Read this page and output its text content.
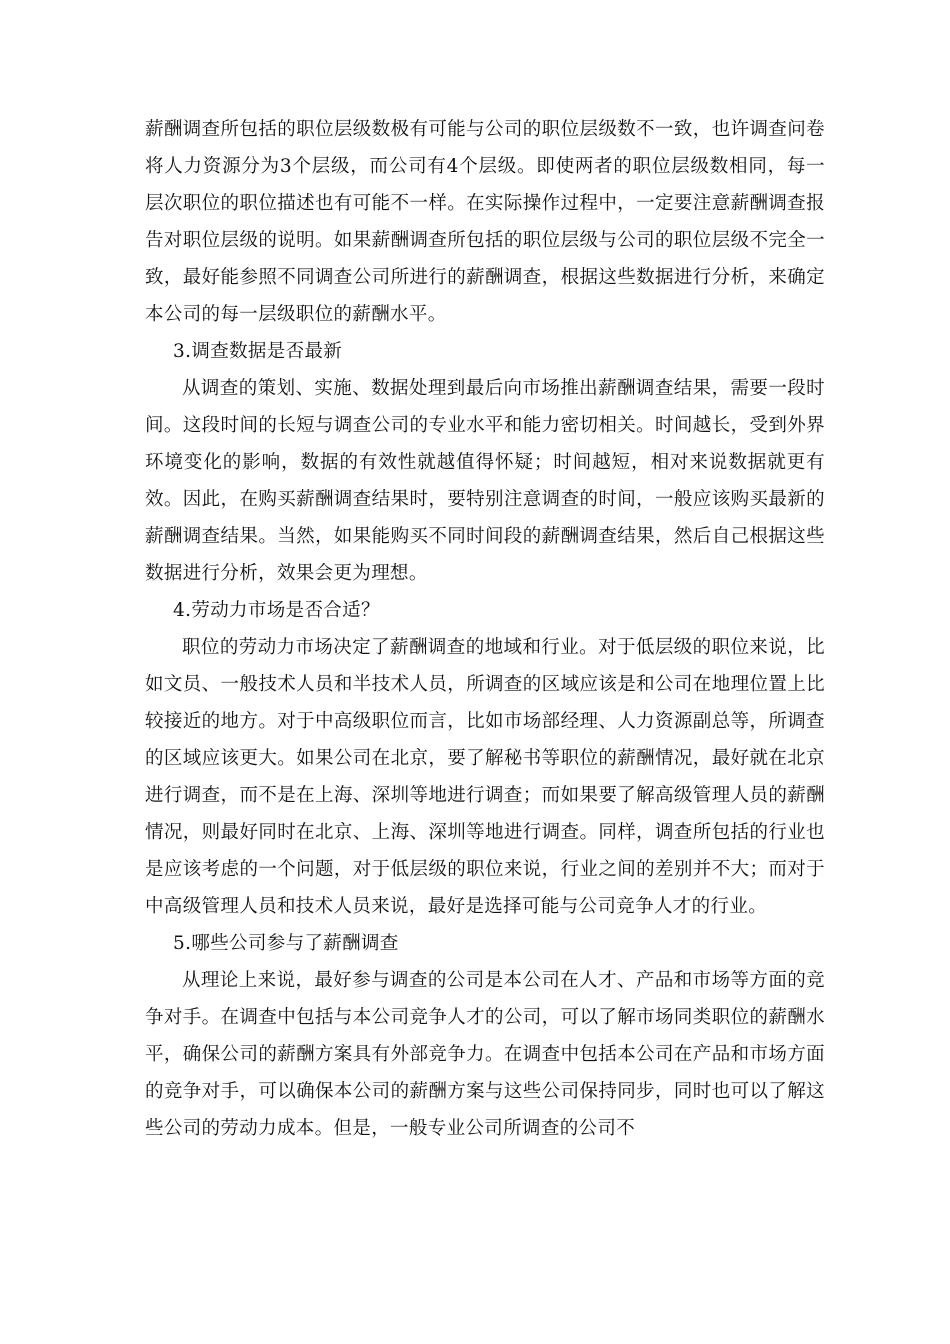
薪酬调查所包括的职位层级数极有可能与公司的职位层级数不一致，也许调查问卷将人力资源分为3个层级，而公司有4个层级。即使两者的职位层级数相同，每一层次职位的职位描述也有可能不一样。在实际操作过程中，一定要注意薪酬调查报告对职位层级的说明。如果薪酬调查所包括的职位层级与公司的职位层级不完全一致，最好能参照不同调查公司所进行的薪酬调查，根据这些数据进行分析，来确定本公司的每一层级职位的薪酬水平。

3.调查数据是否最新

从调查的策划、实施、数据处理到最后向市场推出薪酬调查结果，需要一段时间。这段时间的长短与调查公司的专业水平和能力密切相关。时间越长，受到外界环境变化的影响，数据的有效性就越值得怀疑；时间越短，相对来说数据就更有效。因此，在购买薪酬调查结果时，要特别注意调查的时间，一般应该购买最新的薪酬调查结果。当然，如果能购买不同时间段的薪酬调查结果，然后自己根据这些数据进行分析，效果会更为理想。

4.劳动力市场是否合适？

职位的劳动力市场决定了薪酬调查的地域和行业。对于低层级的职位来说，比如文员、一般技术人员和半技术人员，所调查的区域应该是和公司在地理位置上比较接近的地方。对于中高级职位而言，比如市场部经理、人力资源副总等，所调查的区域应该更大。如果公司在北京，要了解秘书等职位的薪酬情况，最好就在北京进行调查，而不是在上海、深圳等地进行调查；而如果要了解高级管理人员的薪酬情况，则最好同时在北京、上海、深圳等地进行调查。同样，调查所包括的行业也是应该考虑的一个问题，对于低层级的职位来说，行业之间的差别并不大；而对于中高级管理人员和技术人员来说，最好是选择可能与公司竞争人才的行业。

5.哪些公司参与了薪酬调查

从理论上来说，最好参与调查的公司是本公司在人才、产品和市场等方面的竞争对手。在调查中包括与本公司竞争人才的公司，可以了解市场同类职位的薪酬水平，确保公司的薪酬方案具有外部竞争力。在调查中包括本公司在产品和市场方面的竞争对手，可以确保本公司的薪酬方案与这些公司保持同步，同时也可以了解这些公司的劳动力成本。但是，一般专业公司所调查的公司不
